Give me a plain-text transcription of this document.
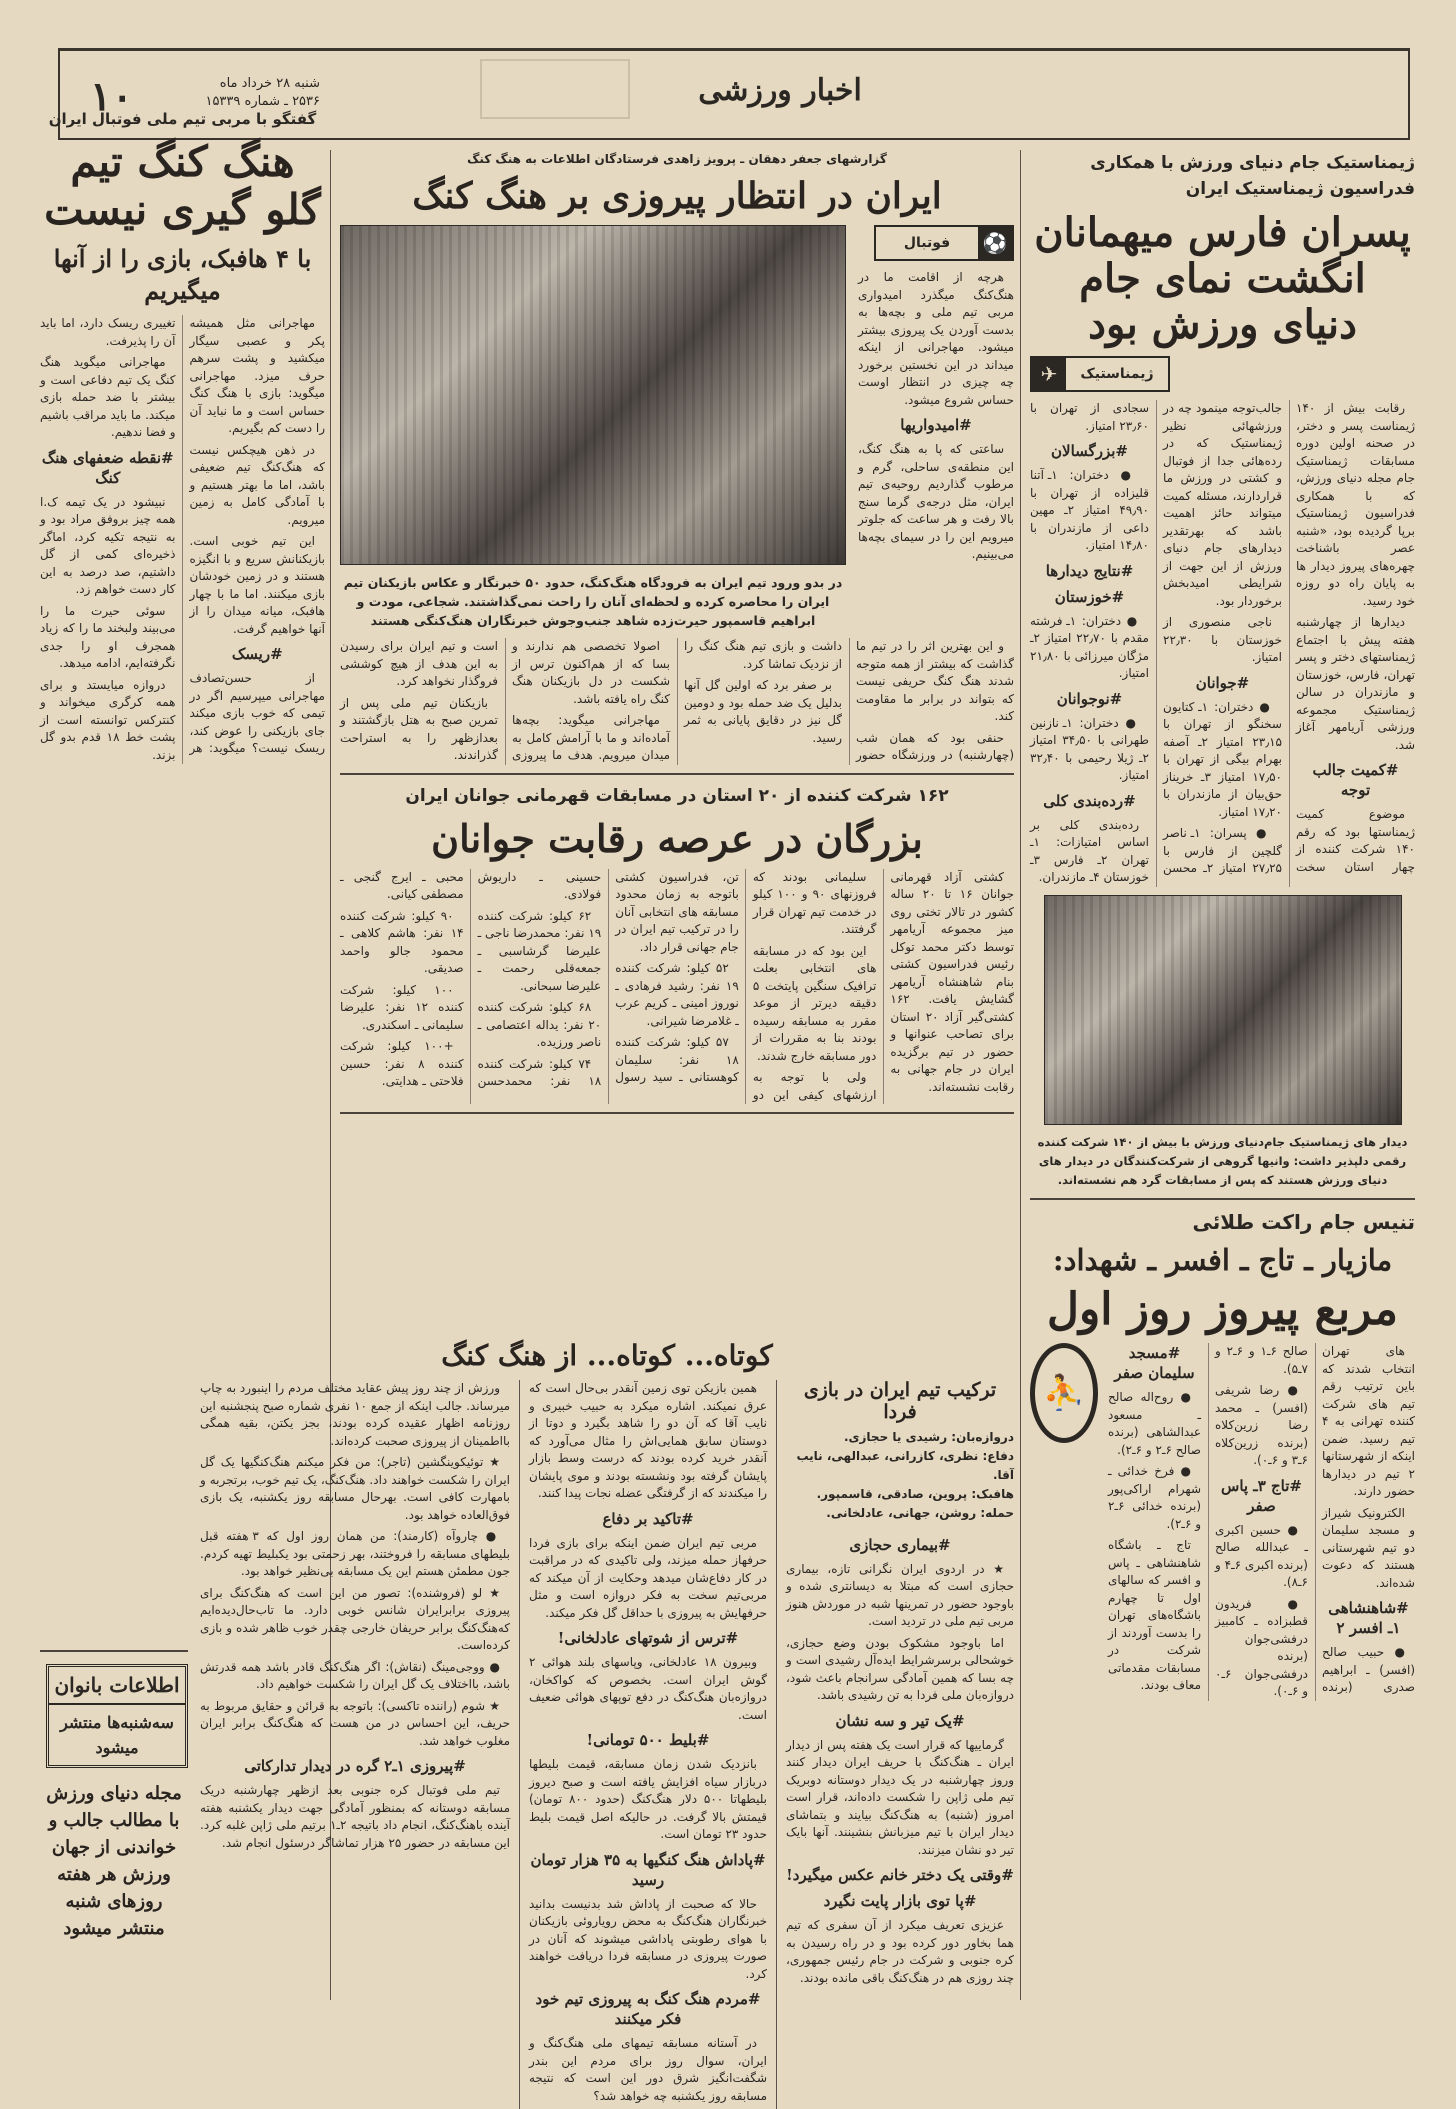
۱۰	شنبه ۲۸ خرداد ماه
۲۵۳۶ ـ شماره ۱۵۳۳۹	اخبار ورزشی
ژیمناستیک جام دنیای ورزش با همکاری
فدراسیون ژیمناستیک ایران
پسران فارس میهمانان انگشت نمای جام دنیای ورزش بود
ژیمناستیک
✈

رقابت بیش از ۱۴۰ ژیمناست پسر و دختر، در صحنه اولین دوره مسابقات ژیمناستیک جام مجله دنیای ورزش، که با همکاری فدراسیون ژیمناستیک برپا گردیده بود، «شنبه عصر باشناخت چهره‌های پیروز دیدار ها به پایان راه دو روزه خود رسید.

دیدارها از چهارشنبه هفته پیش با اجتماع ژیمناستهای دختر و پسر تهران، فارس، خوزستان و مازندران در سالن ژیمناستیک مجموعه ورزشی آریامهر آغاز شد.

#کمیت جالب توجه

موضوع کمیت ژیمناستها بود که رقم ۱۴۰ شرکت کننده از چهار استان سخت جالب‌توجه مینمود چه در ورزشهائی نظیر ژیمناستیک که در رده‌هائی جدا از فوتبال و کشتی در ورزش ما قراردارند، مسئله کمیت میتواند حائز اهمیت باشد که بهرتقدیر دیدارهای جام دنیای ورزش از این جهت از شرایطی امید‌بخش برخوردار بود.

ناجی منصوری از خوزستان با ۲۲٫۳۰ امتیاز.

#جوانان

● دختران: ۱ـ کتایون سخنگو از تهران با ۲۳٫۱۵ امتیاز ۲ـ آصفه بهرام بیگی از تهران با ۱۷٫۵۰ امتیاز ۳ـ خریناز حق‌بیان از مازندران با ۱۷٫۲۰ امتیاز.

● پسران: ۱ـ ناصر گلچین از فارس با ۲۷٫۲۵ امتیاز ۲ـ محسن سجادی از تهران با ۲۳٫۶۰ امتیاز.

#بزرگسالان

● دختران: ۱ـ آتنا قلیزاده از تهران با ۴۹٫۹۰ امتیاز ۲ـ مهین داعی از مازندران با ۱۴٫۸۰ امتیاز.

#نتایج دیدارها

#خوزستان

● دختران: ۱ـ فرشته مقدم با ۲۲٫۷۰ امتیاز ۲ـ مژگان میرزائی با ۲۱٫۸۰ امتیاز.

#نوجوانان

● دختران: ۱ـ نازنین طهرانی با ۳۴٫۵۰ امتیاز ۲ـ ژیلا رحیمی با ۳۲٫۴۰ امتیاز.

#رده‌بندی کلی

رده‌بندی کلی بر اساس امتیازات: ۱ـ تهران ۲ـ فارس ۳ـ خوزستان ۴ـ مازندران.

دیدار های ژیمناستیک جام‌دنیای ورزش با بیش از ۱۴۰ شرکت کننده رقمی دلپذیر داشت: وانیها گروهی از شرکت‌کنندگان در دیدار های دنیای ورزش هستند که پس از مسابقات گرد هم نشسته‌اند.
تنیس جام راکت طلائی
مازیار ـ تاج ـ افسر ـ شهداد:
مربع پیروز روز اول
⛹

های تهران انتخاب شدند که باین ترتیب رقم تیم های شرکت کننده تهرانی به ۴ تیم رسید. ضمن اینکه از شهرستانها ۲ تیم در دیدارها حضور دارند.

الکترونیک شیراز و مسجد سلیمان دو تیم شهرستانی هستند که دعوت شده‌اند.

#شاهنشاهی ۱ـ افسر ۲

● حبیب صالح (افسر) ـ ابراهیم صدری (برنده صالح ۶ـ۱ و ۶ـ۲ و ۷ـ۵).

● رضا شریفی (افسر) ـ محمد رضا زرین‌کلاه (برنده زرین‌کلاه ۶ـ۳ و ۶ـ۰).

#تاج ۳ـ پاس صفر

● حسین اکبری ـ عبدالله صالح (برنده اکبری ۶ـ۴ و ۶ـ۸).

● فریدون قطبزاده ـ کامبیز درفشی‌جوان (برنده درفشی‌جوان ۶ـ۰ و ۶ـ۰).

#مسجد سلیمان صفر

● روح‌اله صالح ـ مسعود عبدالشاهی (برنده صالح ۶ـ۲ و ۶ـ۲).

● فرخ خدائی ـ شهرام اراکی‌پور (برنده خدائی ۶ـ۲ و ۶ـ۲).

تاج ـ باشگاه شاهنشاهی ـ پاس و افسر که سالهای اول تا چهارم باشگاه‌های تهران را بدست آوردند از شرکت در مسابقات مقدماتی معاف بودند.

گزارشهای جعفر دهقان ـ پرویز زاهدی فرستادگان اطلاعات به هنگ کنگ
ایران در انتظار پیروزی بر هنگ کنگ
⚽
فوتبال

هرچه از اقامت ما در هنگ‌کنگ میگذرد امیدواری مربی تیم ملی و بچه‌ها به بدست آوردن یک پیروزی بیشتر میشود. مهاجرانی از اینکه میداند در این نخستین برخورد چه چیزی در انتظار اوست حساس شروع میشود.

#امیدواریها

ساعتی که پا به هنگ کنگ، این منطقه‌ی ساحلی، گرم و مرطوب گذاردیم روحیه‌ی تیم ایران، مثل درجه‌ی گرما سنج بالا رفت و هر ساعت که جلوتر میرویم این را در سیمای بچه‌ها می‌بینیم.

در بدو ورود تیم ایران به فرودگاه هنگ‌کنگ، حدود ۵۰ خبرنگار و عکاس بازیکنان تیم ایران را محاصره کرده و لحظه‌ای آنان را راحت نمی‌گذاشتند. شجاعی، مودت و ابراهیم قاسمپور حیرت‌زده شاهد جنب‌وجوش خبرنگاران هنگ‌کنگی هستند

و این بهترین اثر را در تیم ما گذاشت که بیشتر از همه متوجه شدند هنگ کنگ حریفی نیست که بتواند در برابر ما مقاومت کند.

حنفی بود که همان شب (چهارشنبه) در ورزشگاه حضور داشت و بازی تیم هنگ کنگ را از نزدیک تماشا کرد.

بر صفر برد که اولین گل آنها بدلیل یک ضد حمله بود و دومین گل نیز در دقایق پایانی به ثمر رسید.

اصولا تخصصی هم ندارند و بسا که از هم‌اکنون ترس از شکست در دل بازیکنان هنگ کنگ راه یافته باشد.

مهاجرانی میگوید: بچه‌ها آماده‌اند و ما با آرامش کامل به میدان میرویم. هدف ما پیروزی است و تیم ایران برای رسیدن به این هدف از هیچ کوششی فروگذار نخواهد کرد.

بازیکنان تیم ملی پس از تمرین صبح به هتل بازگشتند و بعدازظهر را به استراحت گذراندند.

۱۶۲ شرکت کننده از ۲۰ استان در مسابقات قهرمانی جوانان ایران
بزرگان در عرصه رقابت جوانان

کشتی آزاد قهرمانی جوانان ۱۶ تا ۲۰ ساله کشور در تالار تختی روی میز مجموعه آریامهر توسط دکتر محمد توکل رئیس فدراسیون کشتی بنام شاهنشاه آریامهر گشایش یافت. ۱۶۲ کشتی‌گیر آزاد ۲۰ استان برای تصاحب عنوانها و حضور در تیم برگزیده ایران در جام جهانی به رقابت نشسته‌اند.

سلیمانی بودند که فروزنهای ۹۰ و ۱۰۰ کیلو در خدمت تیم تهران قرار گرفتند.

این بود که در مسابقه های انتخابی بعلت ترافیک سنگین پایتخت ۵ دقیقه دیرتر از موعد مقرر به مسابقه رسیده بودند بنا به مقررات از دور مسابقه خارج شدند.

ولی با توجه به ارزشهای کیفی این دو تن، فدراسیون کشتی باتوجه به زمان محدود مسابقه های انتخابی آنان را در ترکیب تیم ایران در جام جهانی قرار داد.

۵۲ کیلو: شرکت کننده ۱۹ نفر: رشید فرهادی ـ نوروز امینی ـ کریم عرب ـ غلامرضا شیرانی.

۵۷ کیلو: شرکت کننده ۱۸ نفر: سلیمان کوهستانی ـ سید رسول حسینی ـ داریوش فولادی.

۶۲ کیلو: شرکت کننده ۱۹ نفر: محمدرضا ناجی ـ علیرضا گرشاسبی ـ جمعه‌قلی رحمت ـ علیرضا سبحانی.

۶۸ کیلو: شرکت کننده ۲۰ نفر: یداله اعتصامی ـ ناصر ورزیده.

۷۴ کیلو: شرکت کننده ۱۸ نفر: محمدحسن محبی ـ ایرج گنجی ـ مصطفی کیانی.

۹۰ کیلو: شرکت کننده ۱۴ نفر: هاشم کلاهی ـ محمود جالو واحمد صدیقی.

۱۰۰ کیلو: شرکت کننده ۱۲ نفر: علیرضا سلیمانی ـ اسکندری.

+۱۰۰ کیلو: شرکت کننده ۸ نفر: حسین فلاحتی ـ هدایتی.

کوتاه... کوتاه... از هنگ کنگ
ترکیب تیم ایران در بازی فردا
دروازه‌بان: رشیدی یا حجازی.
دفاع: نظری، کازرانی، عبدالهی، نایب آقا.
هافبک: پروین، صادقی، قاسمپور.
حمله: روشن، جهانی، عادلخانی.

#بیماری حجازی

★ در اردوی ایران نگرانی تازه، بیماری حجازی است که مبتلا به دیسانتری شده و باوجود حضور در تمرینها شبه در موردش هنوز مربی تیم ملی در تردید است.

اما باوجود مشکوک بودن وضع حجازی، خوشحالی برسرشرایط ایده‌آل رشیدی است و چه بسا که همین آمادگی سرانجام باعث شود، دروازه‌بان ملی فردا به تن رشیدی باشد.

#یک تیر و سه نشان

گرماییها که قرار است یک هفته پس از دیدار ایران ـ هنگ‌کنگ با حریف ایران دیدار کنند وروز چهارشنبه در یک دیدار دوستانه دوبریک تیم ملی ژاپن را شکست داده‌اند، قرار است امروز (شنبه) به هنگ‌کنگ بیایند و بتماشای دیدار ایران با تیم میزبانش بنشینند. آنها بایک تیر دو نشان میزنند.

#وقتی یک دختر خانم عکس میگیرد!

#پا توی بازار پایت نگیرد

عزیزی تعریف میکرد از آن سفری که تیم هما بخاور دور کرده بود و در راه رسیدن به کره جنوبی و شرکت در جام رئیس جمهوری، چند روزی هم در هنگ‌کنگ باقی مانده بودند.

همین بازیکن توی زمین آنقدر بی‌حال است که عرق نمیکند. اشاره میکرد به حبیب خبیری و نایب آقا که آن دو را شاهد بگیرد و دوتا از دوستان سابق همایی‌اش را مثال می‌آورد که آنقدر خرید کرده بودند که درست وسط بازار پایشان گرفته بود ونشسته بودند و موی پایشان را میکندند که از گرفتگی عضله نجات پیدا کنند.

#تاکید بر دفاع

مربی تیم ایران ضمن اینکه برای بازی فردا حرفهاز حمله میزند، ولی تاکیدی که در مراقبت در کار دفاع‌شان میدهد وحکایت از آن میکند که مربی‌تیم سخت به فکر دروازه است و مثل حرفهایش به پیروزی با حداقل گل فکر میکند.

#ترس از شوتهای عادلخانی!

وبیرون ۱۸ عادلخانی، وپاسهای بلند هوائی ۲ گوش ایران است. بخصوص که کواکخان، دروازه‌بان هنگ‌کنگ در دفع توپهای هوائی ضعیف است.

#بلیط ۵۰۰ تومانی!

بانزدیک شدن زمان مسابقه، قیمت بلیطها دربازار سیاه افزایش یافته است و صبح دیروز بلیطهاتا ۵۰۰ دلار هنگ‌کنگ (حدود ۸۰۰ تومان) قیمتش بالا گرفت. در حالیکه اصل قیمت بلیط حدود ۲۳ تومان است.

#پاداش هنگ کنگیها به ۳۵ هزار تومان رسید

حالا که صحبت از پاداش شد بدنیست بدانید خبرنگاران هنگ‌کنگ به محض رو‌یاروئی بازیکنان با هوای رطوبتی پاداشی میشوند که آنان در صورت پیروزی در مسابقه فردا دریافت خواهند کرد.

#مردم هنگ کنگ به پیروزی تیم خود فکر میکنند

در آستانه مسابقه تیمهای ملی هنگ‌کنگ و ایران، سوال روز برای مردم این بندر شگفت‌انگیز شرق دور این است که نتیجه مسابقه روز یکشنبه چه خواهد شد؟

ورزش از چند روز پیش عقاید مختلف مردم را اینبورد به چاپ میرساند. جالب اینکه از جمع ۱۰ نفری شماره صبح پنجشنبه این روزنامه اظهار عقیده کرده بودند، بجز یکتن، بقیه همگی بااطمینان از پیروزی صحبت کرده‌اند.

★ توئیکوینگشین (تاجر): من فکر میکنم هنگ‌کنگیها یک گل ایران را شکست خواهند داد. هنگ‌کنگ، یک تیم خوب، برتجربه و بامهارت کافی است. بهرحال مسابقه روز یکشنبه، یک بازی فوق‌العاده خواهد بود.

● چاروآه (کارمند): من همان روز اول که ۳ هفته قبل بلیطهای مسابقه را فروختند، بهر زحمتی بود یکبلیط تهیه کردم. جون مطمئن هستم این یک مسابقه بی‌نظیر خواهد بود.

★ لو (فروشنده): تصور من این است که هنگ‌کنگ برای پیروزی برابرایران شانس خوبی دارد. ما تاب‌حال‌دیده‌ایم که‌هنگ‌کنگ برابر حریفان خارجی چقدر خوب ظاهر شده و بازی کرده‌است.

● ووجی‌مینگ (نقاش): اگر هنگ‌کنگ قادر باشد همه قدرتش باشد، بااختلاف یک گل ایران را شکست خواهیم داد.

★ شوم (راننده تاکسی): باتوجه به قرائن و حقایق مربوط به حریف، این احساس در من هست که هنگ‌کنگ برابر ایران مغلوب خواهد شد.

#پیروزی ۱ـ۲ گره در دیدار تدارکاتی

تیم ملی فوتبال کره جنوبی بعد ازظهر چهارشنبه دریک مسابقه دوستانه که بمنظور آمادگی جهت دیدار یکشنبه هفته آینده باهنگ‌کنگ، انجام داد باتیجه ۲ـ۱ برتیم ملی ژاپن غلبه کرد. این مسابقه در حضور ۲۵ هزار تماشاگر درسئول انجام شد.

گفتگو با مربی تیم ملی فوتبال ایران
هنگ کنگ تیم گلو گیری نیست
با ۴ هافبک، بازی را از آنها میگیریم

مهاجرانی مثل همیشه پکر و عصبی سیگار میکشید و پشت سرهم حرف میزد. مهاجرانی میگوید: بازی با هنگ کنگ حساس است و ما نباید آن را دست کم بگیریم.

در ذهن هیچکس نیست که هنگ‌کنگ تیم ضعیفی باشد، اما ما بهتر هستیم و با آمادگی کامل به زمین میرویم.

این تیم خوبی است. بازیکنانش سریع و با انگیزه هستند و در زمین خودشان بازی میکنند. اما ما با چهار هافبک، میانه میدان را از آنها خواهیم گرفت.

#ریسک

از حسن‌تصادف مهاجرانی میپرسیم اگر در تیمی که خوب بازی میکند جای بازیکنی را عوض کند، ریسک نیست؟ میگوید: هر تغییری ریسک دارد، اما باید آن را پذیرفت.

مهاجرانی میگوید هنگ کنگ یک تیم دفاعی است و بیشتر با ضد حمله بازی میکند. ما باید مراقب باشیم و فضا ندهیم.

#نقطه ضعفهای هنگ کنگ

نبیشود در یک تیمه ک.ا همه چیز بروفق مراد بود و به نتیجه تکیه کرد، اماگر ذخیره‌ای کمی از گل داشتیم، صد درصد به این کار دست خواهم زد.

سوئی حیرت ما را می‌بیند ولبخند ما را که زیاد همجرف او را جدی نگرفته‌ایم، ادامه میدهد.

دروازه میایستد و برای همه کرگری میخواند و کنترکس توانسته است از پشت خط ۱۸ قدم بدو گل بزند.

اطلاعات بانوان
سه‌شنبه‌ها منتشر
میشود
مجله دنیای ورزش با مطالب جالب و خواندنی از جهان ورزش هر هفته روزهای شنبه منتشر میشود
